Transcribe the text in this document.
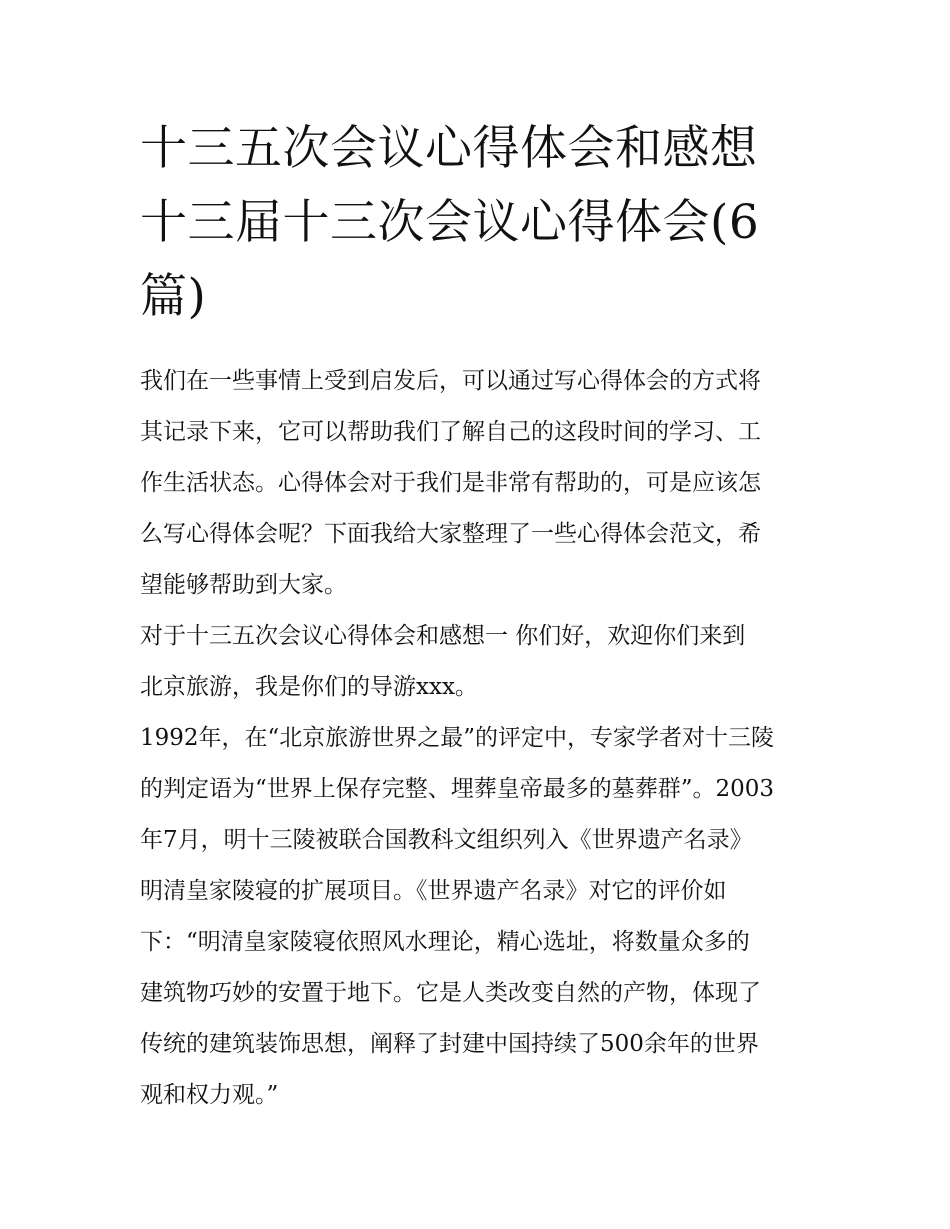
十三五次会议心得体会和感想
十三届十三次会议心得体会(6
篇)

我们在一些事情上受到启发后，可以通过写心得体会的方式将
其记录下来，它可以帮助我们了解自己的这段时间的学习、工
作生活状态。心得体会对于我们是非常有帮助的，可是应该怎
么写心得体会呢？下面我给大家整理了一些心得体会范文，希
望能够帮助到大家。

对于十三五次会议心得体会和感想一 你们好，欢迎你们来到
北京旅游，我是你们的导游xxx。

1992年，在“北京旅游世界之最”的评定中，专家学者对十三陵
的判定语为“世界上保存完整、埋葬皇帝最多的墓葬群”。2003
年7月，明十三陵被联合国教科文组织列入《世界遗产名录》
明清皇家陵寝的扩展项目。《世界遗产名录》对它的评价如
下：“明清皇家陵寝依照风水理论，精心选址，将数量众多的
建筑物巧妙的安置于地下。它是人类改变自然的产物，体现了
传统的建筑装饰思想，阐释了封建中国持续了500余年的世界
观和权力观。”
